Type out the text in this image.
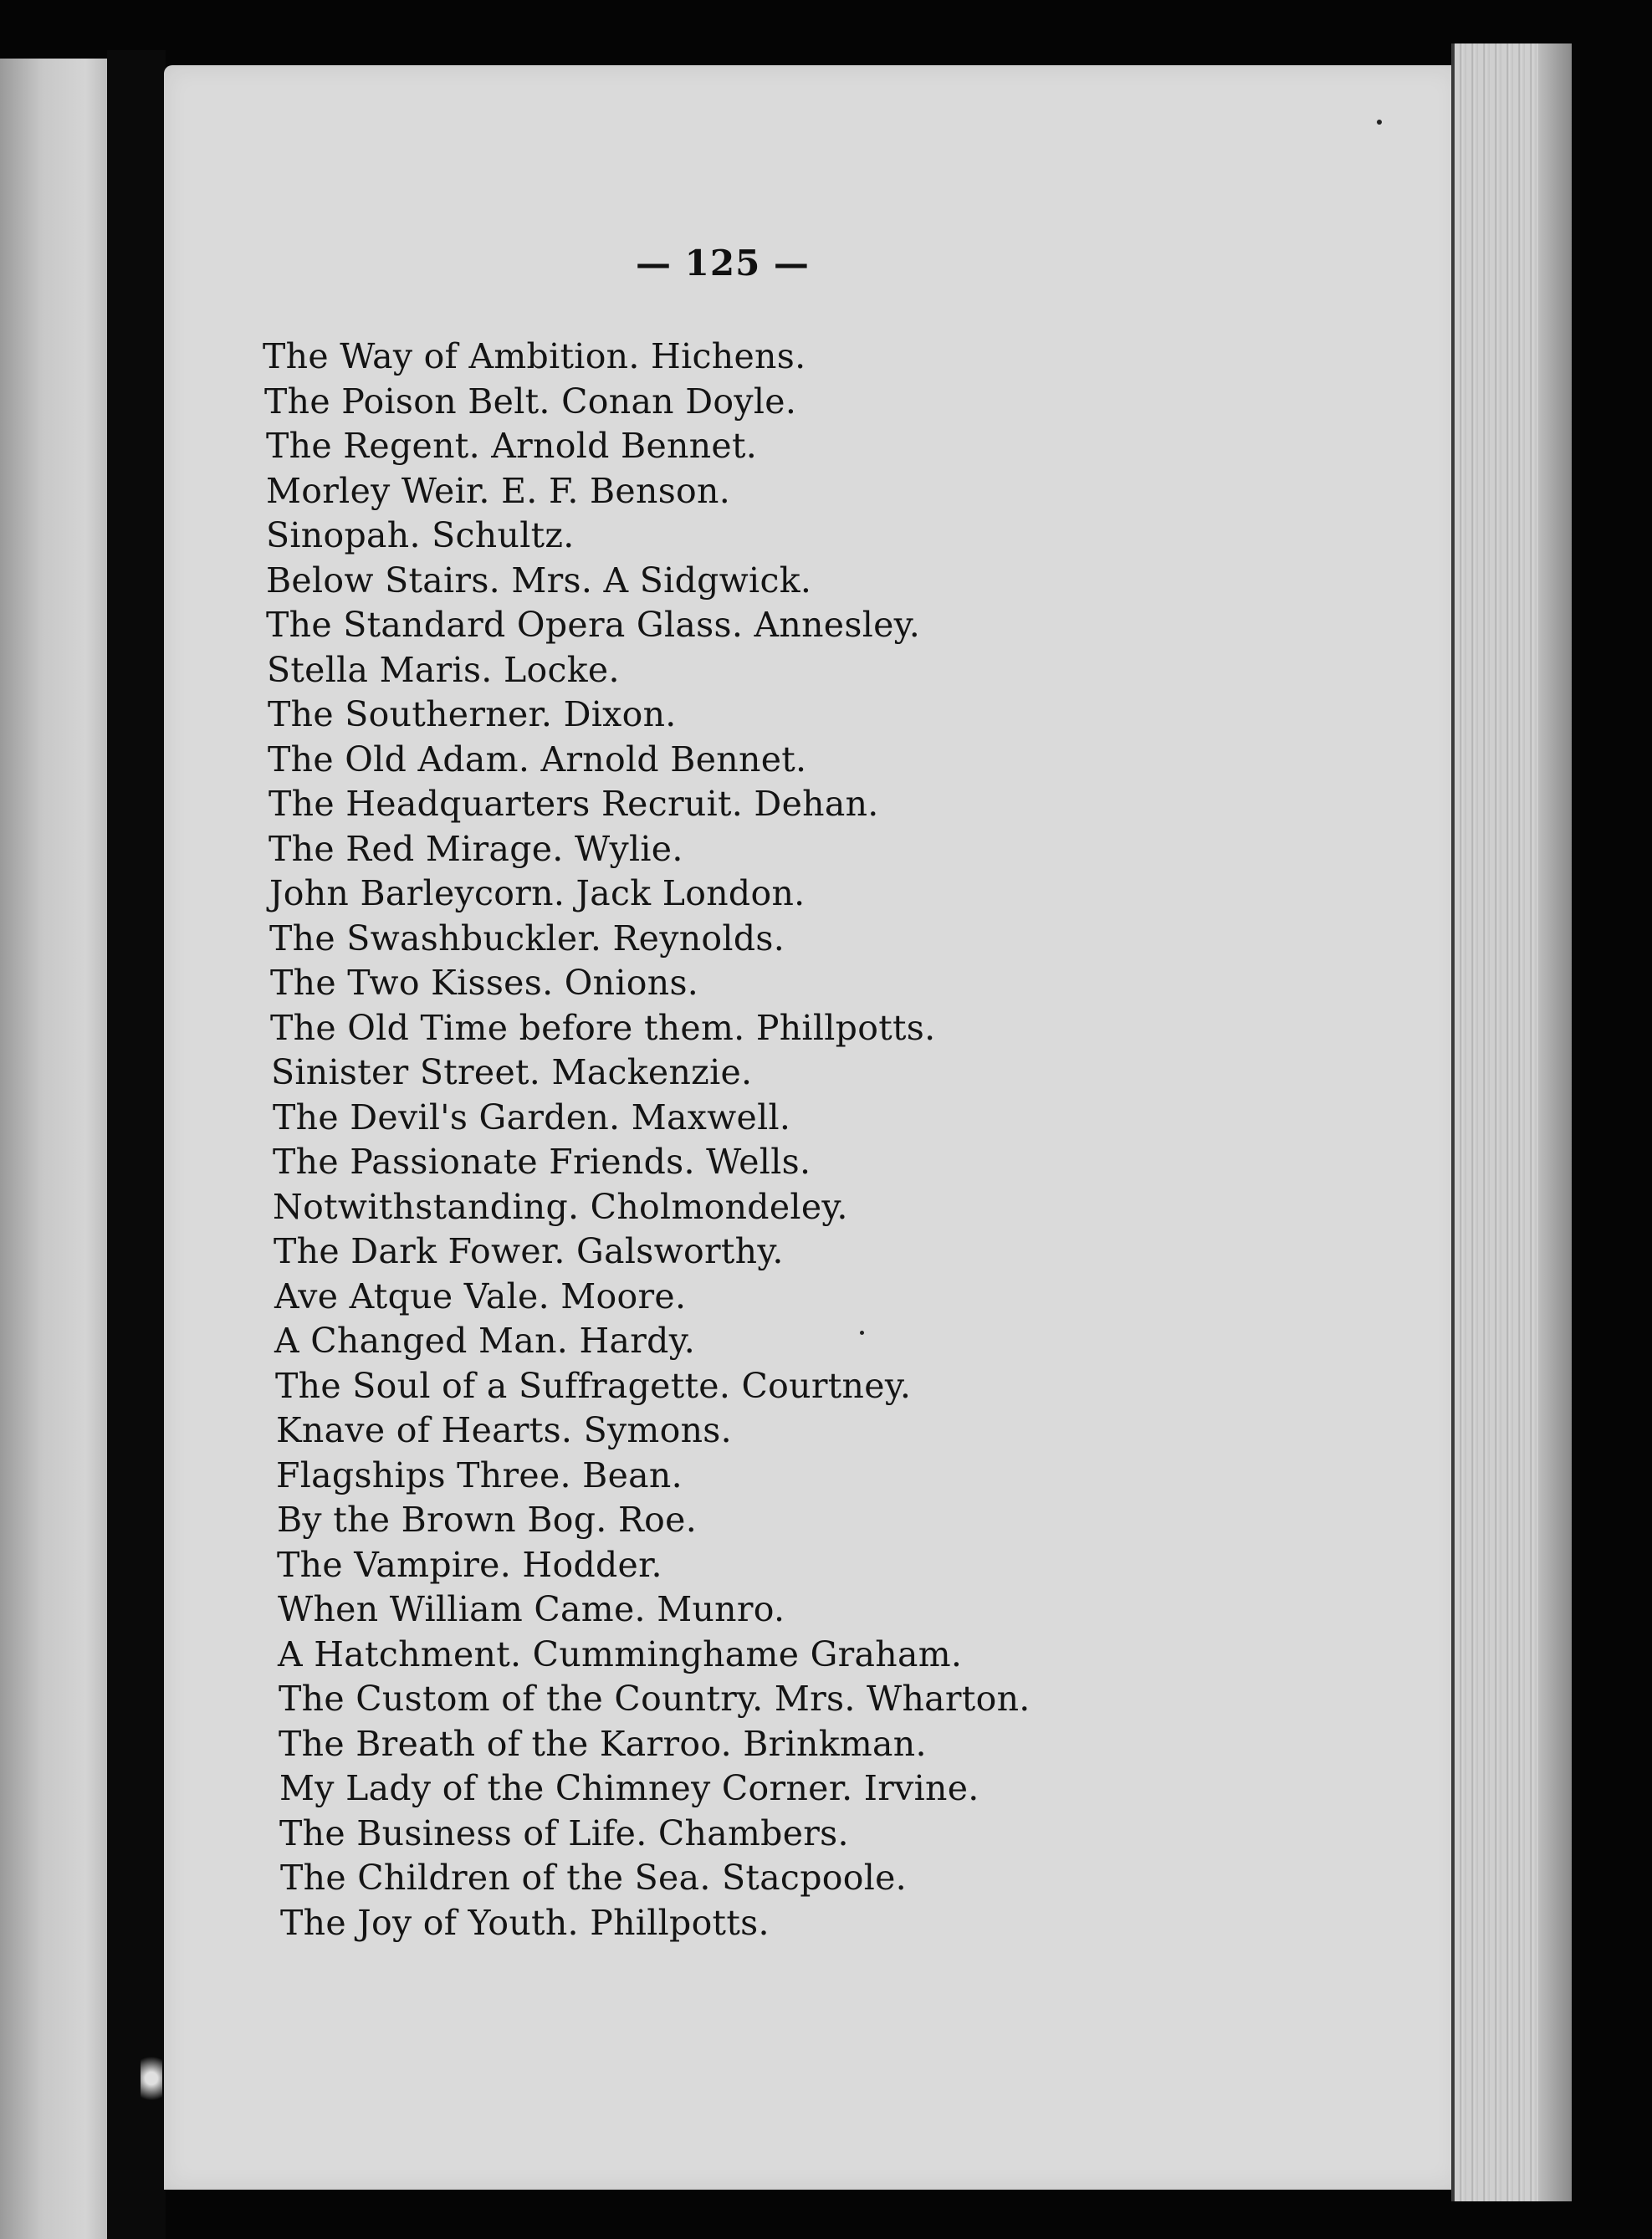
— 125 —
The Way of Ambition. Hichens.
The Poison Belt. Conan Doyle.
The Regent. Arnold Bennet.
Morley Weir. E. F. Benson.
Sinopah. Schultz.
Below Stairs. Mrs. A Sidgwick.
The Standard Opera Glass. Annesley.
Stella Maris. Locke.
The Southerner. Dixon.
The Old Adam. Arnold Bennet.
The Headquarters Recruit. Dehan.
The Red Mirage. Wylie.
John Barleycorn. Jack London.
The Swashbuckler. Reynolds.
The Two Kisses. Onions.
The Old Time before them. Phillpotts.
Sinister Street. Mackenzie.
The Devil's Garden. Maxwell.
The Passionate Friends. Wells.
Notwithstanding. Cholmondeley.
The Dark Fower. Galsworthy.
Ave Atque Vale. Moore.
A Changed Man. Hardy.
The Soul of a Suffragette. Courtney.
Knave of Hearts. Symons.
Flagships Three. Bean.
By the Brown Bog. Roe.
The Vampire. Hodder.
When William Came. Munro.
A Hatchment. Cumminghame Graham.
The Custom of the Country. Mrs. Wharton.
The Breath of the Karroo. Brinkman.
My Lady of the Chimney Corner. Irvine.
The Business of Life. Chambers.
The Children of the Sea. Stacpoole.
The Joy of Youth. Phillpotts.
